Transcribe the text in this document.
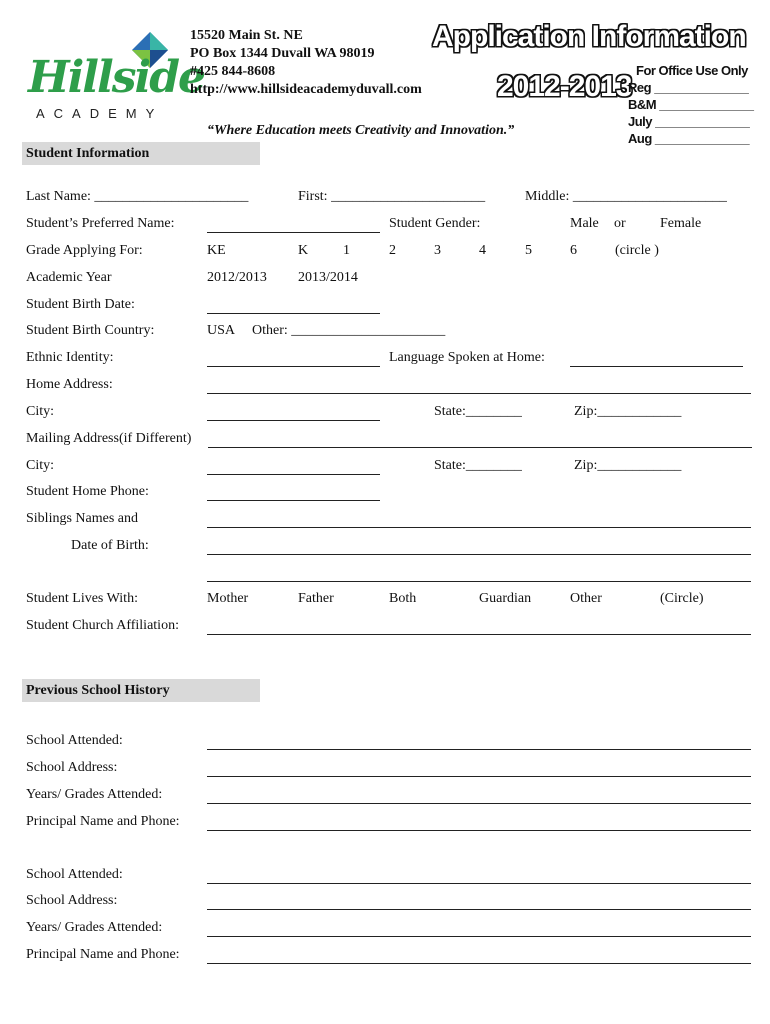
Hillside
ACADEMY
15520 Main St. NE
PO Box 1344 Duvall WA 98019
#425 844-8608
http://www.hillsideacademyduvall.com
Application Information
2012-2013 For Office Use Only
Reg ______________
B&M ______________
July ______________
Aug ______________
“Where Education meets Creativity and Innovation.”
Student Information
Last Name: ______________________	First: ______________________	Middle: ______________________
Student’s Preferred Name:	Student Gender:	Male or Female
Grade Applying For:	KE	K 1	2	3	4	5	6	(circle )
Academic Year	2012/2013 2013/2014
Student Birth Date:
Student Birth Country:	USA Other: ______________________
Ethnic Identity:	Language Spoken at Home:
Home Address:
City:	State:________	Zip:____________
Mailing Address(if Different)
City:	State:________	Zip:____________
Student Home Phone:
Siblings Names and
Date of Birth:
Student Lives With:	Mother	Father	Both	Guardian	Other	(Circle)
Student Church Affiliation:
Previous School History
School Attended:
School Address:
Years/ Grades Attended:
Principal Name and Phone:
School Attended:
School Address:
Years/ Grades Attended:
Principal Name and Phone:
